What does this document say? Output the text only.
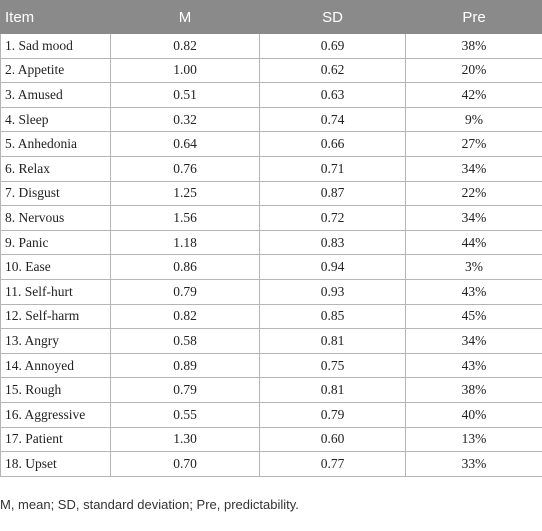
Item	M	SD	Pre
1. Sad mood	0.82	0.69	38%
2. Appetite	1.00	0.62	20%
3. Amused	0.51	0.63	42%
4. Sleep	0.32	0.74	9%
5. Anhedonia	0.64	0.66	27%
6. Relax	0.76	0.71	34%
7. Disgust	1.25	0.87	22%
8. Nervous	1.56	0.72	34%
9. Panic	1.18	0.83	44%
10. Ease	0.86	0.94	3%
11. Self-hurt	0.79	0.93	43%
12. Self-harm	0.82	0.85	45%
13. Angry	0.58	0.81	34%
14. Annoyed	0.89	0.75	43%
15. Rough	0.79	0.81	38%
16. Aggressive	0.55	0.79	40%
17. Patient	1.30	0.60	13%
18. Upset	0.70	0.77	33%
M, mean; SD, standard deviation; Pre, predictability.
